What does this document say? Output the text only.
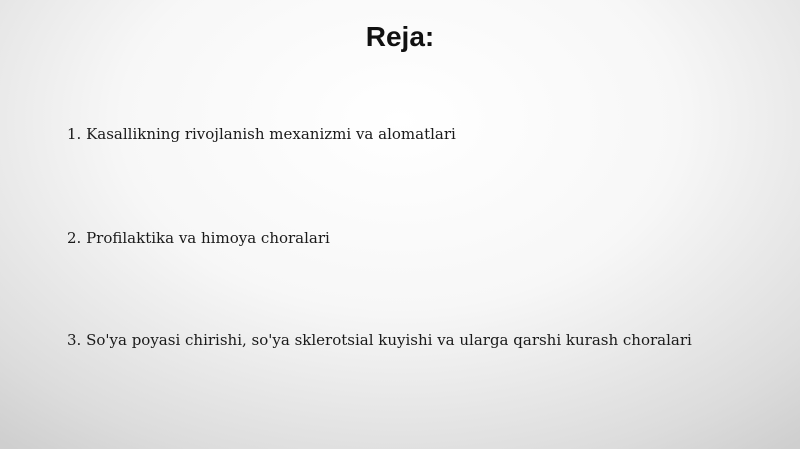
Reja:
1. Kasallikning rivojlanish mexanizmi va alomatlari
2. Profilaktika va himoya choralari
3. So'ya poyasi chirishi, so'ya sklerotsial kuyishi va ularga qarshi kurash choralari
